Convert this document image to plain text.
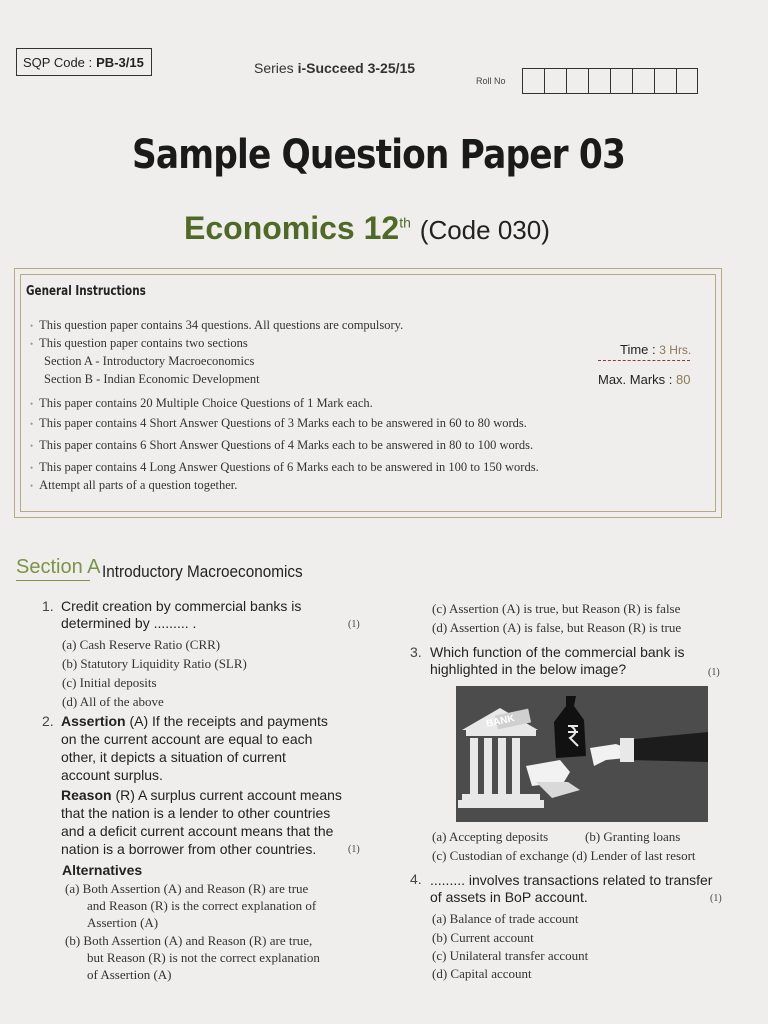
SQP Code : PB-3/15	Series i-Succeed 3-25/15
Roll No
Sample Question Paper 03
Economics 12th (Code 030)
General Instructions
• This question paper contains 34 questions. All questions are compulsory.
• This question paper contains two sections
Section A - Introductory Macroeconomics
Section B - Indian Economic Development
• This paper contains 20 Multiple Choice Questions of 1 Mark each.
• This paper contains 4 Short Answer Questions of 3 Marks each to be answered in 60 to 80 words.
• This paper contains 6 Short Answer Questions of 4 Marks each to be answered in 80 to 100 words.
• This paper contains 4 Long Answer Questions of 6 Marks each to be answered in 100 to 150 words.
• Attempt all parts of a question together.
Time : 3 Hrs.
Max. Marks : 80
Section A Introductory Macroeconomics
1. Credit creation by commercial banks is
determined by ......... .	(1)
(a) Cash Reserve Ratio (CRR)
(b) Statutory Liquidity Ratio (SLR)
(c) Initial deposits
(d) All of the above
2. Assertion (A) If the receipts and payments
on the current account are equal to each
other, it depicts a situation of current
account surplus.
Reason (R) A surplus current account means
that the nation is a lender to other countries
and a deficit current account means that the
nation is a borrower from other countries.	(1)
Alternatives
(a) Both Assertion (A) and Reason (R) are true
and Reason (R) is the correct explanation of
Assertion (A)
(b) Both Assertion (A) and Reason (R) are true,
but Reason (R) is not the correct explanation
of Assertion (A)
(c) Assertion (A) is true, but Reason (R) is false
(d) Assertion (A) is false, but Reason (R) is true
3. Which function of the commercial bank is
highlighted in the below image?	(1)
BANK
(a) Accepting deposits	(b) Granting loans
(c) Custodian of exchange (d) Lender of last resort
4. ......... involves transactions related to transfer
of assets in BoP account.	(1)
(a) Balance of trade account
(b) Current account
(c) Unilateral transfer account
(d) Capital account
